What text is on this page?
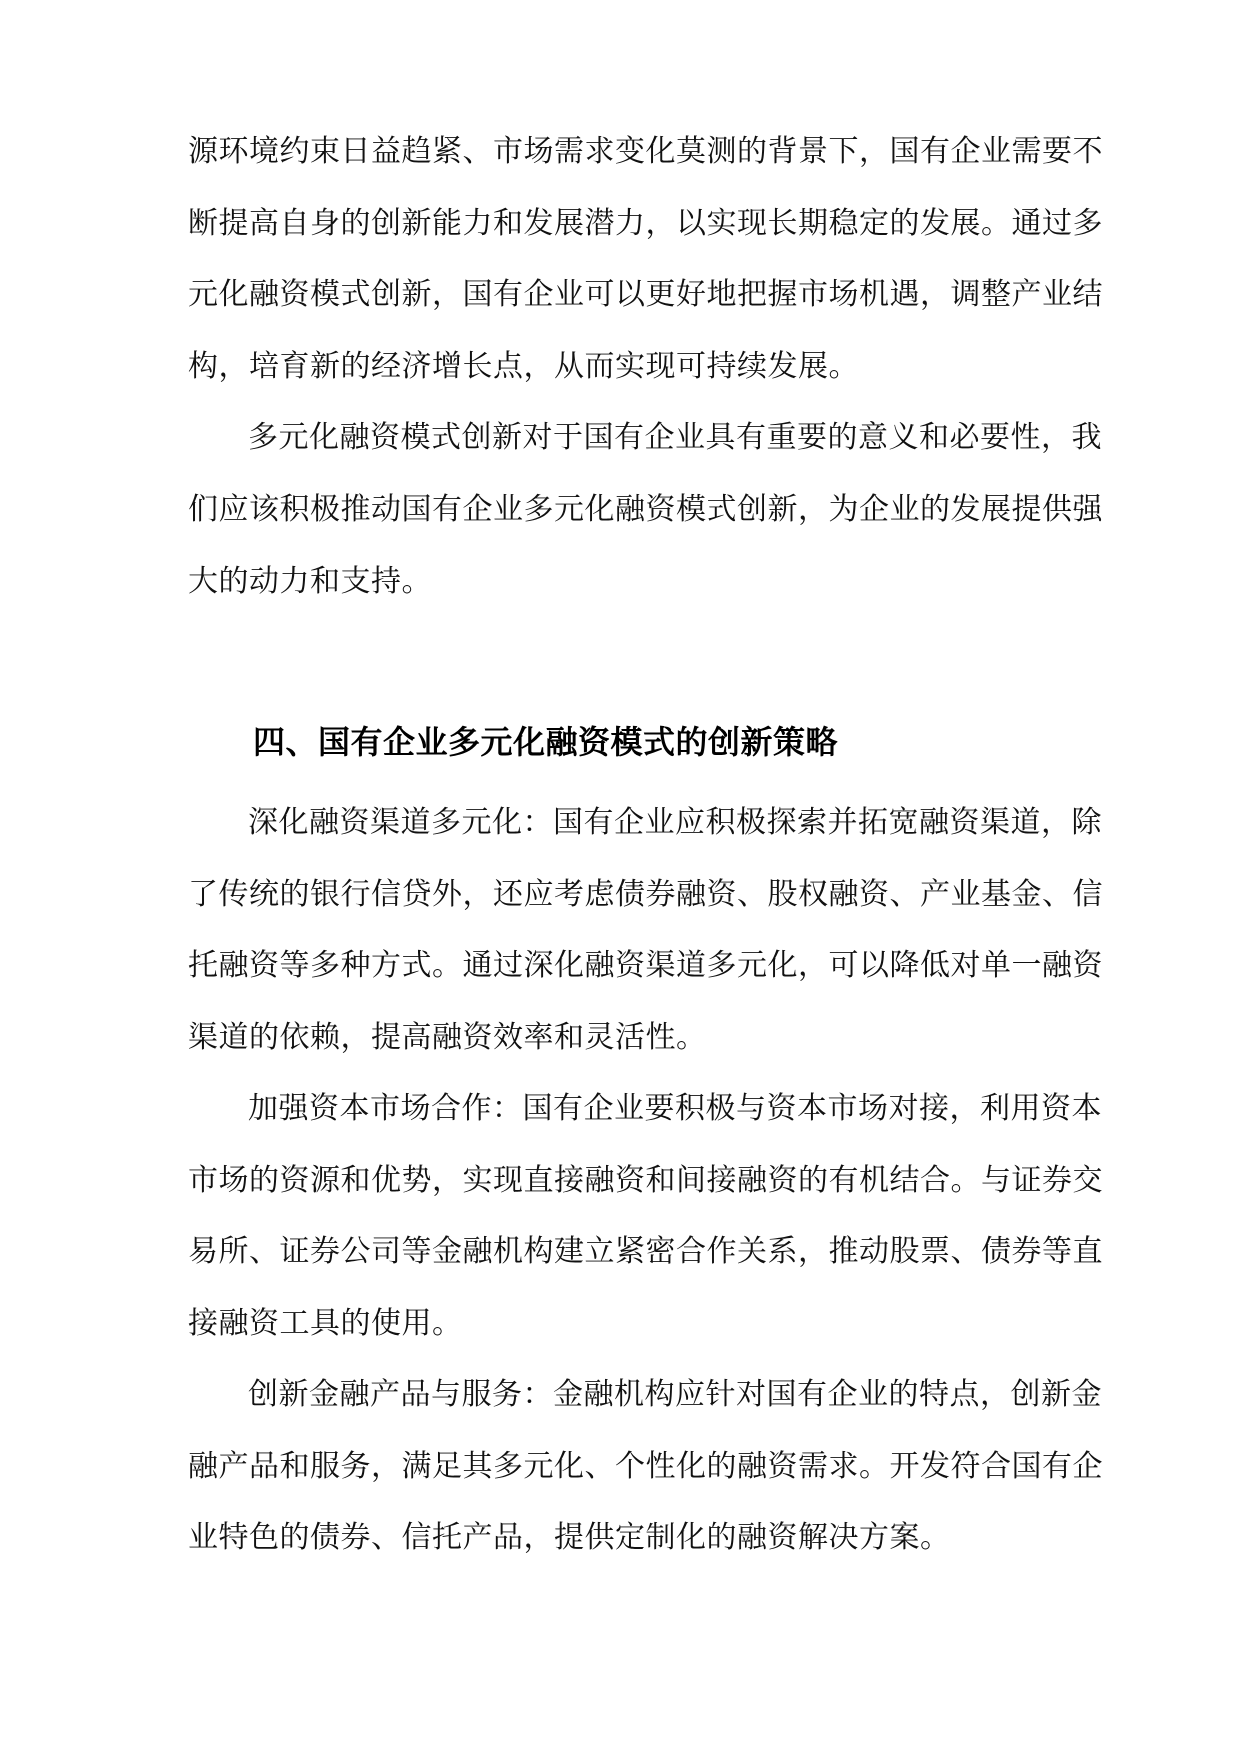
源环境约束日益趋紧、市场需求变化莫测的背景下，国有企业需要不
断提高自身的创新能力和发展潜力，以实现长期稳定的发展。通过多
元化融资模式创新，国有企业可以更好地把握市场机遇，调整产业结
构，培育新的经济增长点，从而实现可持续发展。
多元化融资模式创新对于国有企业具有重要的意义和必要性，我
们应该积极推动国有企业多元化融资模式创新，为企业的发展提供强
大的动力和支持。
四、国有企业多元化融资模式的创新策略
深化融资渠道多元化：国有企业应积极探索并拓宽融资渠道，除
了传统的银行信贷外，还应考虑债券融资、股权融资、产业基金、信
托融资等多种方式。通过深化融资渠道多元化，可以降低对单一融资
渠道的依赖，提高融资效率和灵活性。
加强资本市场合作：国有企业要积极与资本市场对接，利用资本
市场的资源和优势，实现直接融资和间接融资的有机结合。与证券交
易所、证券公司等金融机构建立紧密合作关系，推动股票、债券等直
接融资工具的使用。
创新金融产品与服务：金融机构应针对国有企业的特点，创新金
融产品和服务，满足其多元化、个性化的融资需求。开发符合国有企
业特色的债券、信托产品，提供定制化的融资解决方案。
